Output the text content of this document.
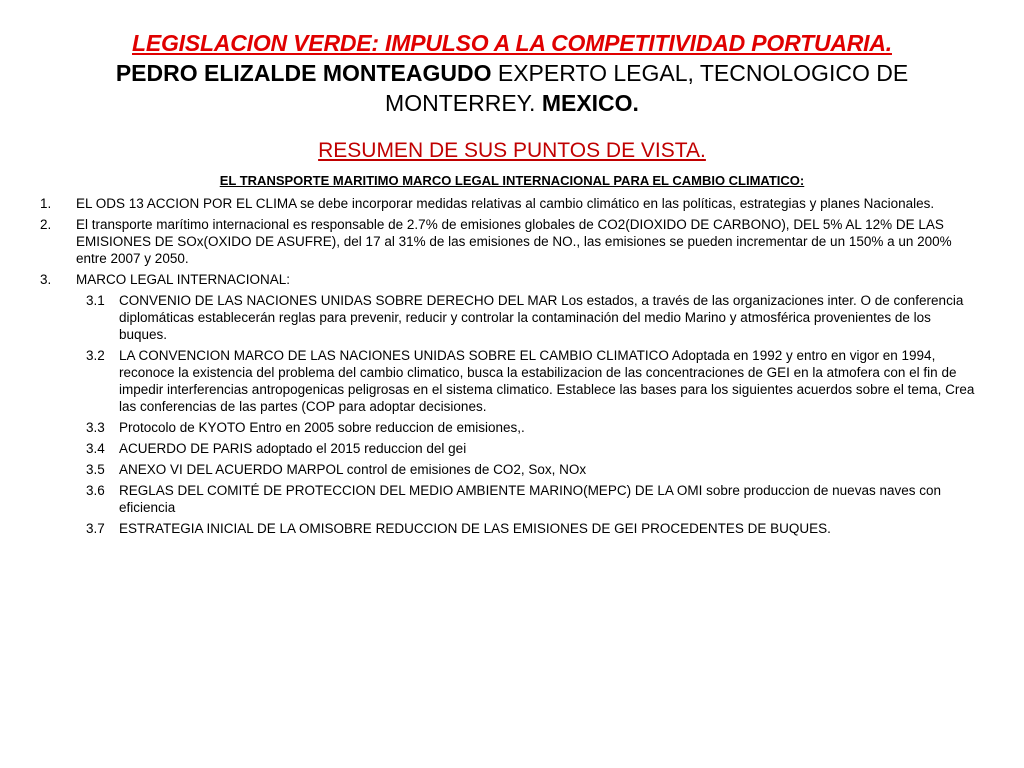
LEGISLACION VERDE: IMPULSO A LA COMPETITIVIDAD PORTUARIA.
PEDRO ELIZALDE MONTEAGUDO EXPERTO LEGAL, TECNOLOGICO DE MONTERREY. MEXICO.
RESUMEN DE SUS PUNTOS DE VISTA.
EL TRANSPORTE MARITIMO MARCO LEGAL INTERNACIONAL PARA EL CAMBIO CLIMATICO:
1. EL ODS 13 ACCION POR EL CLIMA se debe incorporar medidas relativas al cambio climático en las políticas, estrategias y planes Nacionales.
2. El transporte marítimo internacional es responsable de 2.7% de emisiones globales de CO2(DIOXIDO DE CARBONO), DEL 5% AL 12% DE LAS EMISIONES DE SOx(OXIDO DE ASUFRE), del 17 al 31% de las emisiones de NO., las emisiones se pueden incrementar de un 150% a un 200% entre 2007 y 2050.
3. MARCO LEGAL INTERNACIONAL:
3.1 CONVENIO DE LAS NACIONES UNIDAS SOBRE DERECHO DEL MAR Los estados, a través de las organizaciones inter. O de conferencia diplomáticas establecerán reglas para prevenir, reducir y controlar la contaminación del medio Marino y atmosférica provenientes de los buques.
3.2 LA CONVENCION MARCO DE LAS NACIONES UNIDAS SOBRE EL CAMBIO CLIMATICO Adoptada en 1992 y entro en vigor en 1994, reconoce la existencia del problema del cambio climatico, busca la estabilizacion de las concentraciones de GEI en la atmofera con el fin de impedir interferencias antropogenicas peligrosas en el sistema climatico. Establece las bases para los siguientes acuerdos sobre el tema, Crea las conferencias de las partes (COP para adoptar decisiones.
3.3 Protocolo de KYOTO Entro en 2005 sobre reduccion de emisiones,.
3.4 ACUERDO DE PARIS adoptado el 2015 reduccion del gei
3.5 ANEXO VI DEL ACUERDO MARPOL control de emisiones de CO2, Sox, NOx
3.6 REGLAS DEL COMITÉ DE PROTECCION DEL MEDIO AMBIENTE MARINO(MEPC) DE LA OMI sobre produccion de nuevas naves con eficiencia
3.7 ESTRATEGIA INICIAL DE LA OMISOBRE REDUCCION DE LAS EMISIONES DE GEI PROCEDENTES DE BUQUES.
